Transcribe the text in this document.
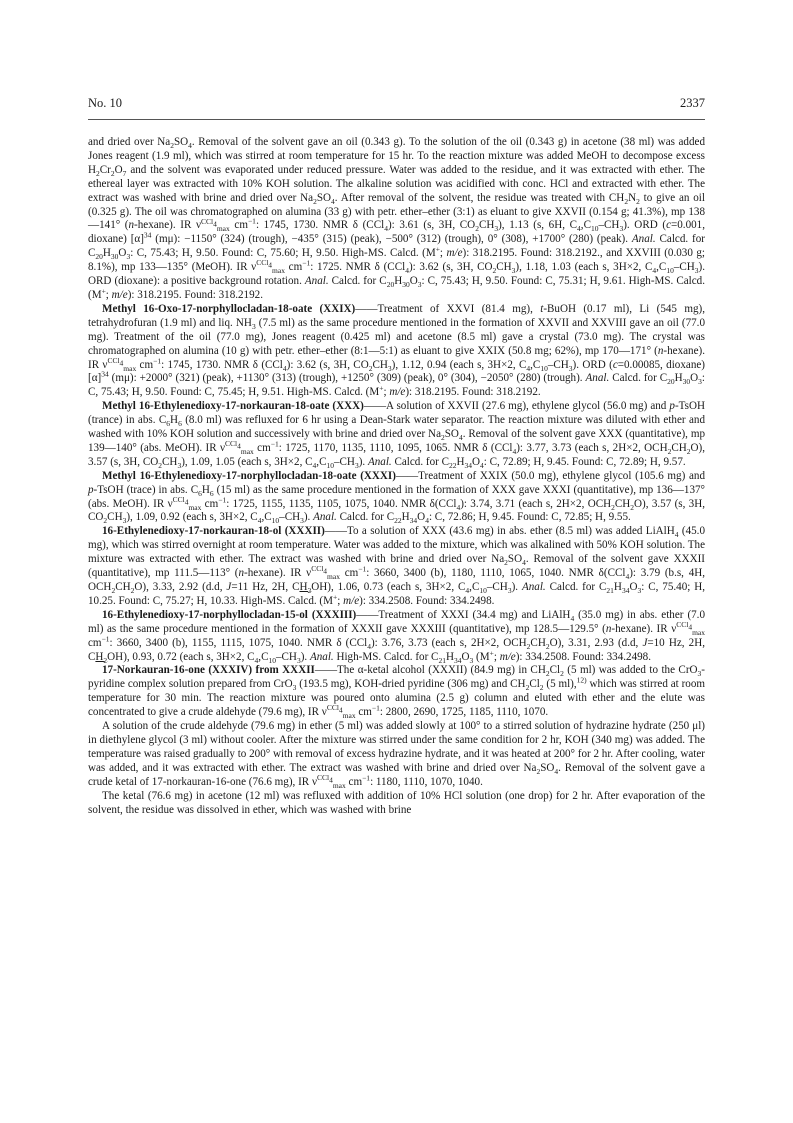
No. 10	2337

and dried over $Na_2SO_4$. Removal of the solvent gave an oil (0.343 g). To the solution of the oil (0.343 g) in acetone (38 ml) was added Jones reagent (1.9 ml), which was stirred at room temperature for 15 hr. To the reaction mixture was added MeOH to decompose excess $H_2Cr_2O_7$ and the solvent was evaporated under reduced pressure. Water was added to the residue, and it was extracted with ether. The ethereal layer was extracted with 10% KOH solution. The alkaline solution was acidified with conc. HCl and extracted with ether. The extract was washed with brine and dried over $Na_2SO_4$. After removal of the solvent, the residue was treated with $CH_2N_2$ to give an oil (0.325 g). The oil was chromatographed on alumina (33 g) with petr. ether–ether (3:1) as eluant to give XXVII (0.154 g; 41.3%), mp 138—141° (n-hexane). IR $\nu^{CCl_4}_{max}$ $cm^{-1}$: 1745, 1730. NMR δ (CCl$_4$): 3.61 (s, 3H, $CO_2CH_3$), 1.13 (s, 6H, $C_4,C_{10}-CH_3$). ORD (c=0.001, dioxane) $[\alpha]^{34}$ (mμ): −1150° (324) (trough), −435° (315) (peak), −500° (312) (trough), 0° (308), +1700° (280) (peak). Anal. Calcd. for $C_{20}H_{30}O_3$: C, 75.43; H, 9.50. Found: C, 75.60; H, 9.50. High-MS. Calcd. (M+; m/e): 318.2195. Found: 318.2192., and XXVIII (0.030 g; 8.1%), mp 133—135° (MeOH). IR $\nu^{CCl_4}_{max}$ $cm^{-1}$: 1725. NMR δ (CCl$_4$): 3.62 (s, 3H, $CO_2CH_3$), 1.18, 1.03 (each s, 3H×2, $C_4,C_{10}-CH_3$). ORD (dioxane): a positive background rotation. Anal. Calcd. for $C_{20}H_{30}O_3$: C, 75.43; H, 9.50. Found: C, 75.31; H, 9.61. High-MS. Calcd. (M+; m/e): 318.2195. Found: 318.2192.

Methyl 16-Oxo-17-norphyllocladan-18-oate (XXIX)——Treatment of XXVI (81.4 mg), t-BuOH (0.17 ml), Li (545 mg), tetrahydrofuran (1.9 ml) and liq. $NH_3$ (7.5 ml) as the same procedure mentioned in the formation of XXVII and XXVIII gave an oil (77.0 mg). Treatment of the oil (77.0 mg), Jones reagent (0.425 ml) and acetone (8.5 ml) gave a crystal (73.0 mg). The crystal was chromatographed on alumina (10 g) with petr. ether–ether (8:1—5:1) as eluant to give XXIX (50.8 mg; 62%), mp 170—171° (n-hexane). IR $\nu^{CCl_4}_{max}$ $cm^{-1}$: 1745, 1730. NMR δ (CCl$_4$): 3.62 (s, 3H, $CO_2CH_3$), 1.12, 0.94 (each s, 3H×2, $C_4,C_{10}-CH_3$). ORD (c=0.00085, dioxane) $[\alpha]^{34}$ (mμ): +2000° (321) (peak), +1130° (313) (trough), +1250° (309) (peak), 0° (304), −2050° (280) (trough). Anal. Calcd. for $C_{20}H_{30}O_3$: C, 75.43; H, 9.50. Found: C, 75.45; H, 9.51. High-MS. Calcd. (M+; m/e): 318.2195. Found: 318.2192.

Methyl 16-Ethylenedioxy-17-norkauran-18-oate (XXX)——A solution of XXVII (27.6 mg), ethylene glycol (56.0 mg) and p-TsOH (trance) in abs. $C_6H_6$ (8.0 ml) was refluxed for 6 hr using a Dean-Stark water separator. The reaction mixture was diluted with ether and washed with 10% KOH solution and successively with brine and dried over $Na_2SO_4$. Removal of the solvent gave XXX (quantitative), mp 139—140° (abs. MeOH). IR $\nu^{CCl_4}_{max}$ $cm^{-1}$: 1725, 1170, 1135, 1110, 1095, 1065. NMR δ (CCl$_4$): 3.77, 3.73 (each s, 2H×2, $OCH_2CH_2O$), 3.57 (s, 3H, $CO_2CH_3$), 1.09, 1.05 (each s, 3H×2, $C_4,C_{10}-CH_3$). Anal. Calcd. for $C_{22}H_{34}O_4$: C, 72.89; H, 9.45. Found: C, 72.89; H, 9.57.

Methyl 16-Ethylenedioxy-17-norphyllocladan-18-oate (XXXI)——Treatment of XXIX (50.0 mg), ethylene glycol (105.6 mg) and p-TsOH (trace) in abs. $C_6H_6$ (15 ml) as the same procedure mentioned in the formation of XXX gave XXXI (quantitative), mp 136—137° (abs. MeOH). IR $\nu^{CCl_4}_{max}$ $cm^{-1}$: 1725, 1155, 1135, 1105, 1075, 1040. NMR δ(CCl$_4$): 3.74, 3.71 (each s, 2H×2, $OCH_2CH_2O$), 3.57 (s, 3H, $CO_2CH_3$), 1.09, 0.92 (each s, 3H×2, $C_4,C_{10}-CH_3$). Anal. Calcd. for $C_{22}H_{34}O_4$: C, 72.86; H, 9.45. Found: C, 72.85; H, 9.55.

16-Ethylenedioxy-17-norkauran-18-ol (XXXII)——To a solution of XXX (43.6 mg) in abs. ether (8.5 ml) was added LiAlH$_4$ (45.0 mg), which was stirred overnight at room temperature. Water was added to the mixture, which was alkalined with 50% KOH solution. The mixture was extracted with ether. The extract was washed with brine and dried over $Na_2SO_4$. Removal of the solvent gave XXXII (quantitative), mp 111.5—113° (n-hexane). IR $\nu^{CCl_4}_{max}$ $cm^{-1}$: 3660, 3400 (b), 1180, 1110, 1065, 1040. NMR δ(CCl$_4$): 3.79 (b.s, 4H, $OCH_2CH_2O$), 3.33, 2.92 (d.d, J=11 Hz, 2H, $CH_2OH$), 1.06, 0.73 (each s, 3H×2, $C_4,C_{10}-CH_3$). Anal. Calcd. for $C_{21}H_{34}O_3$: C, 75.40; H, 10.25. Found: C, 75.27; H, 10.33. High-MS. Calcd. (M+; m/e): 334.2508. Found: 334.2498.

16-Ethylenedioxy-17-norphyllocladan-15-ol (XXXIII)——Treatment of XXXI (34.4 mg) and LiAlH$_4$ (35.0 mg) in abs. ether (7.0 ml) as the same procedure mentioned in the formation of XXXII gave XXXIII (quantitative), mp 128.5—129.5° (n-hexane). IR $\nu^{CCl_4}_{max}$ $cm^{-1}$: 3660, 3400 (b), 1155, 1115, 1075, 1040. NMR δ (CCl$_4$): 3.76, 3.73 (each s, 2H×2, $OCH_2CH_2O$), 3.31, 2.93 (d.d, J=10 Hz, 2H, $CH_2OH$), 0.93, 0.72 (each s, 3H×2, $C_4,C_{10}-CH_3$). Anal. High-MS. Calcd. for $C_{21}H_{34}O_3$ (M+; m/e): 334.2508. Found: 334.2498.

17-Norkauran-16-one (XXXIV) from XXXII——The α-ketal alcohol (XXXII) (84.9 mg) in $CH_2Cl_2$ (5 ml) was added to the CrO$_3$-pyridine complex solution prepared from CrO$_3$ (193.5 mg), KOH-dried pyridine (306 mg) and $CH_2Cl_2$ (5 ml),$^{12)}$ which was stirred at room temperature for 30 min. The reaction mixture was poured onto alumina (2.5 g) column and eluted with ether and the elute was concentrated to give a crude aldehyde (79.6 mg), IR $\nu^{CCl_4}_{max}$ $cm^{-1}$: 2800, 2690, 1725, 1185, 1110, 1070.

A solution of the crude aldehyde (79.6 mg) in ether (5 ml) was added slowly at 100° to a stirred solution of hydrazine hydrate (250 μl) in diethylene glycol (3 ml) without cooler. After the mixture was stirred under the same condition for 2 hr, KOH (340 mg) was added. The temperature was raised gradually to 200° with removal of excess hydrazine hydrate, and it was heated at 200° for 2 hr. After cooling, water was added, and it was extracted with ether. The extract was washed with brine and dried over $Na_2SO_4$. Removal of the solvent gave a crude ketal of 17-norkauran-16-one (76.6 mg), IR $\nu^{CCl_4}_{max}$ $cm^{-1}$: 1180, 1110, 1070, 1040.

The ketal (76.6 mg) in acetone (12 ml) was refluxed with addition of 10% HCl solution (one drop) for 2 hr. After evaporation of the solvent, the residue was dissolved in ether, which was washed with brine
